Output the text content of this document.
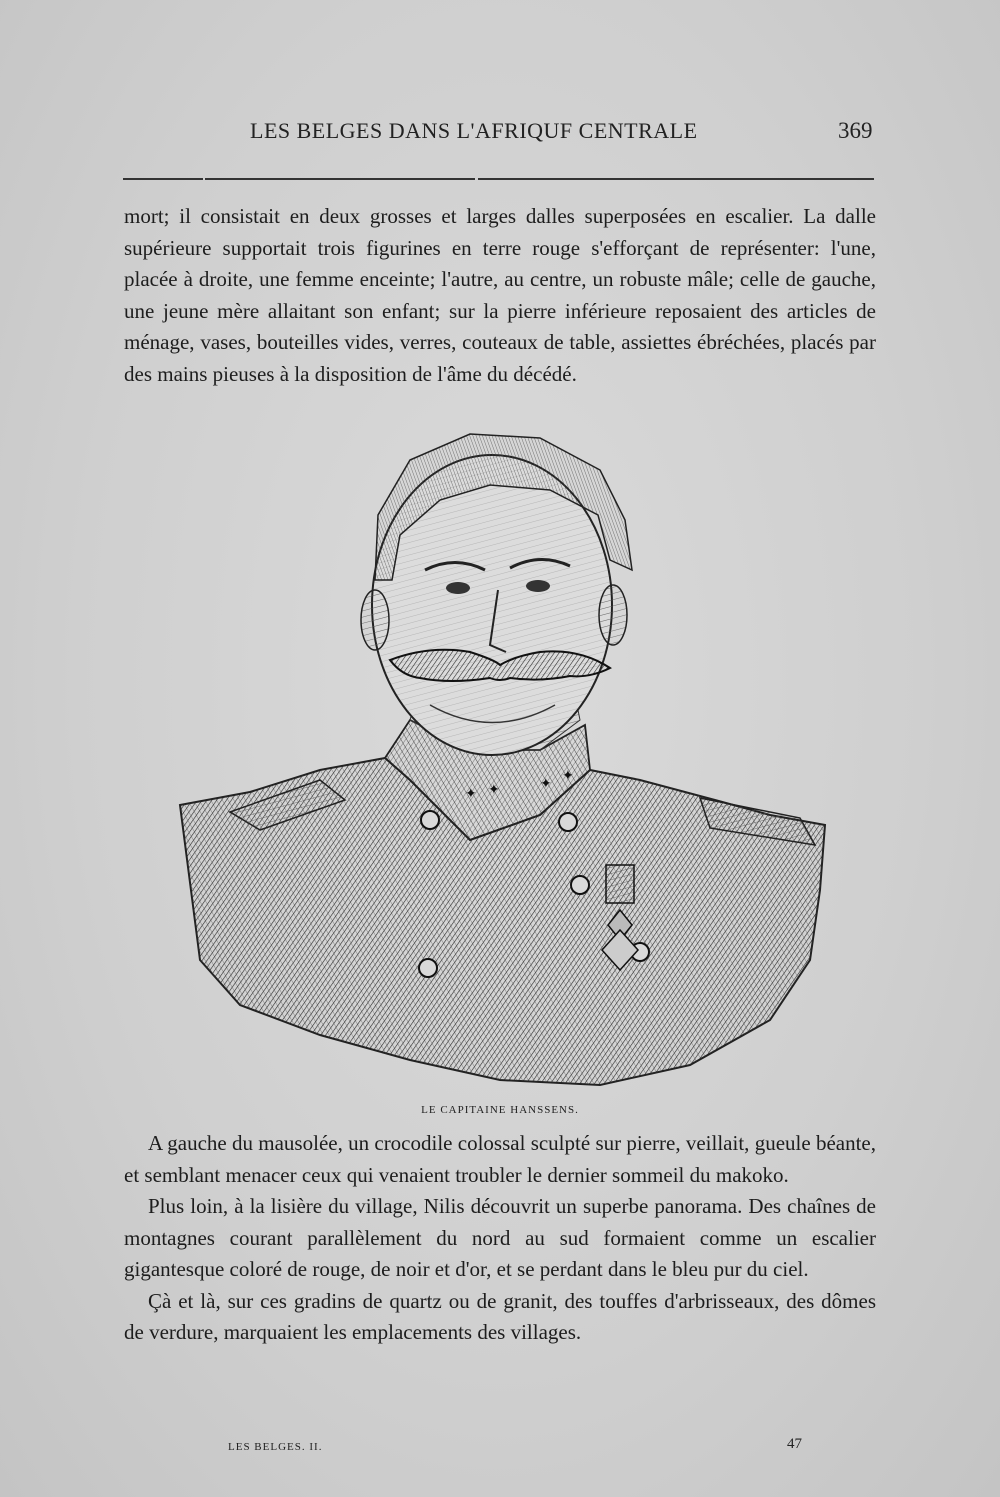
LES BELGES DANS L'AFRIQUF CENTRALE	369

mort; il consistait en deux grosses et larges dalles superposées en escalier. La dalle supérieure supportait trois figurines en terre rouge s'efforçant de représenter: l'une, placée à droite, une femme enceinte; l'autre, au centre, un robuste mâle; celle de gauche, une jeune mère allaitant son enfant; sur la pierre inférieure reposaient des articles de ménage, vases, bouteilles vides, verres, couteaux de table, assiettes ébréchées, placés par des mains pieuses à la disposition de l'âme du décédé.

✦ ✦	✦ ✦
LE CAPITAINE HANSSENS.

A gauche du mausolée, un crocodile colossal sculpté sur pierre, veillait, gueule béante, et semblant menacer ceux qui venaient troubler le dernier sommeil du makoko.

Plus loin, à la lisière du village, Nilis découvrit un superbe panorama. Des chaînes de montagnes courant parallèlement du nord au sud formaient comme un escalier gigantesque coloré de rouge, de noir et d'or, et se perdant dans le bleu pur du ciel.

Çà et là, sur ces gradins de quartz ou de granit, des touffes d'arbrisseaux, des dômes de verdure, marquaient les emplacements des villages.

LES BELGES. II.	47
